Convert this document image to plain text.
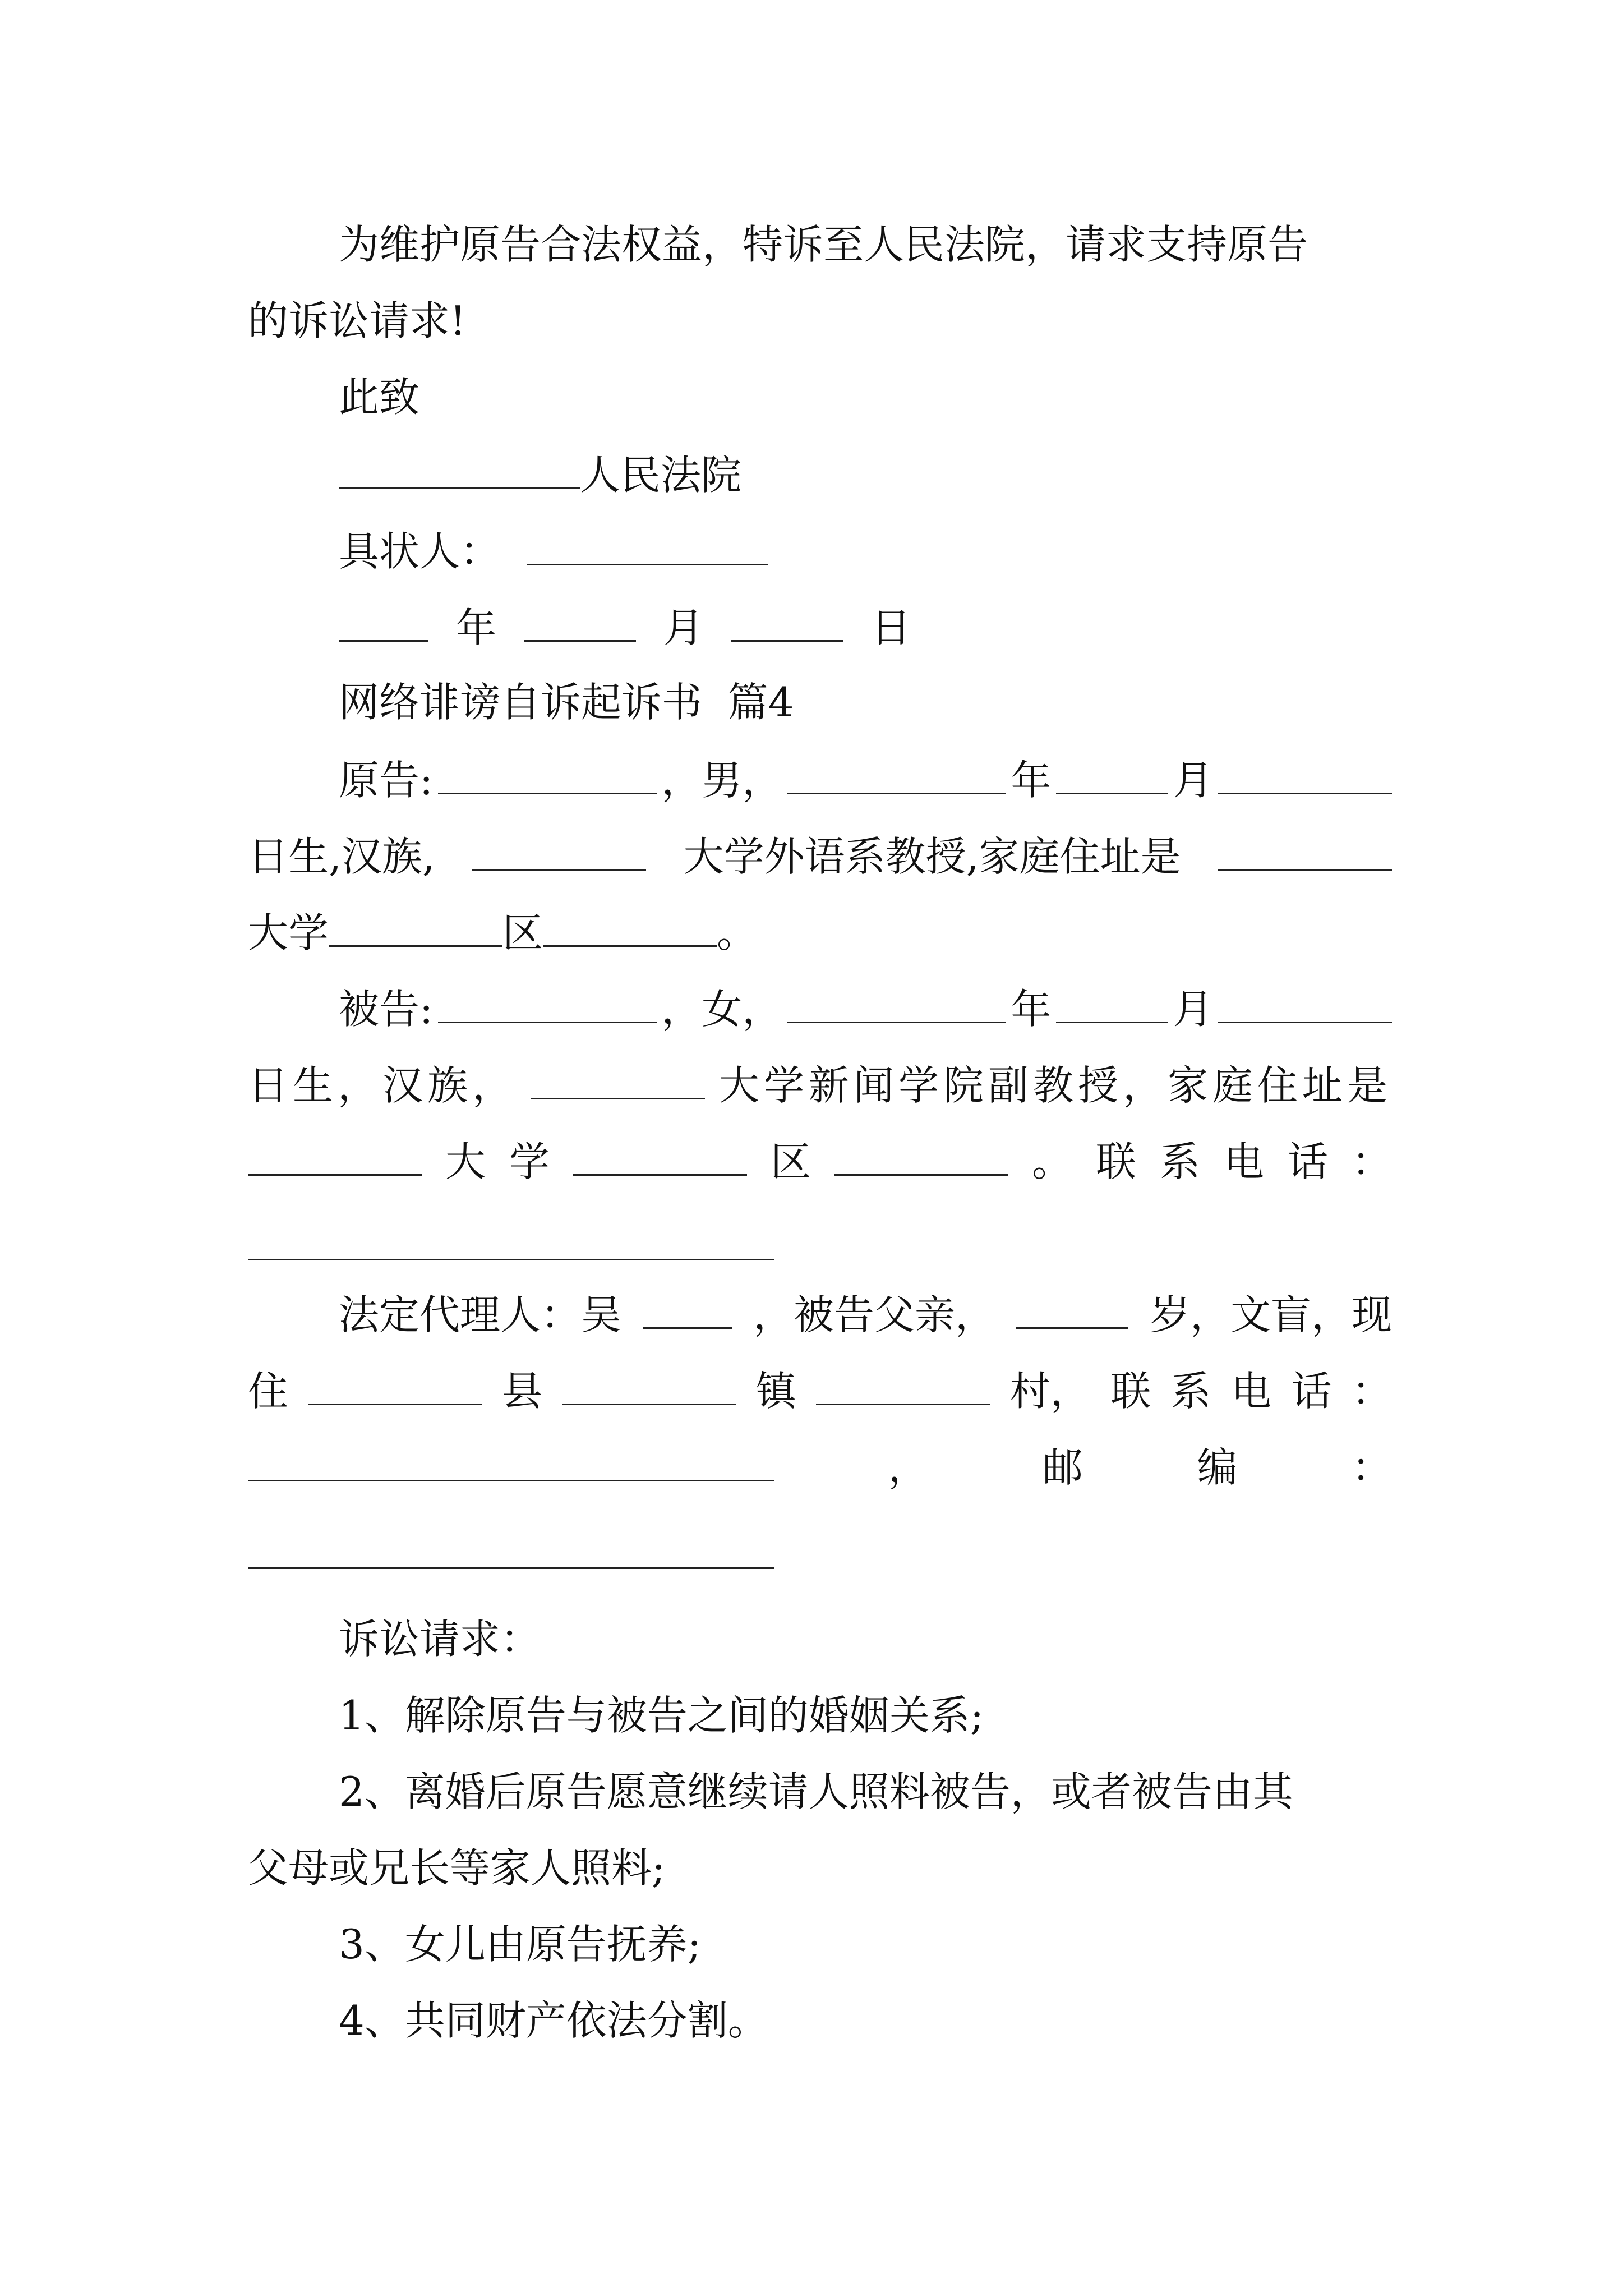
为维护原告合法权益，特诉至人民法院，请求支持原告
的诉讼请求!
此致
人民法院
具状人：
年	月	日
网络诽谤自诉起诉书  篇4
原告:	，男，	年	月
日生,汉族,	大学外语系教授,家庭住址是
大学	区	。
被告:	，女，	年	月
日生，汉族，	大学新闻学院副教授，家庭住址是
大 学	区	。 联 系 电 话 ：
法定代理人：吴	，被告父亲，	岁，文盲，现
住	县	镇	村， 联 系 电 话 ：
，	邮	编	：
诉讼请求：
1、解除原告与被告之间的婚姻关系;
2、离婚后原告愿意继续请人照料被告，或者被告由其
父母或兄长等家人照料;
3、女儿由原告抚养;
4、共同财产依法分割。
